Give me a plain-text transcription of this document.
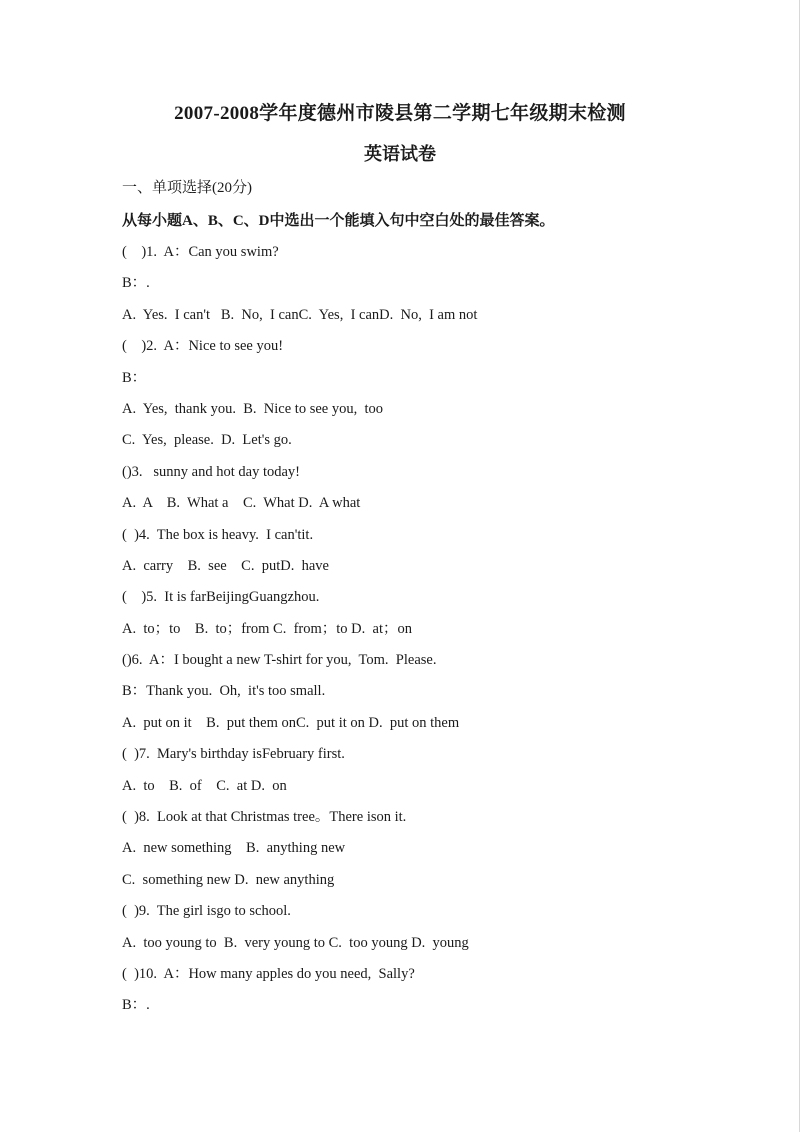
2007-2008学年度德州市陵县第二学期七年级期末检测
英语试卷
一、单项选择(20分)
从每小题A、B、C、D中选出一个能填入句中空白处的最佳答案。
(    )1.  A：Can you swim?
B：.
A.  Yes.  I can't   B.  No,  I canC.  Yes,  I canD.  No,  I am not
(    )2.  A：Nice to see you!
B：
A.  Yes,  thank you.  B.  Nice to see you,  too
C.  Yes,  please.  D.  Let's go.
()3.   sunny and hot day today!
A.  A    B.  What a    C.  What D.  A what
(  )4.  The box is heavy.  I can'tit.
A.  carry    B.  see    C.  putD.  have
(    )5.  It is farBeijingGuangzhou.
A.  to；to    B.  to；from C.  from；to D.  at；on
()6.  A：I bought a new T-shirt for you,  Tom.  Please.
B：Thank you.  Oh,  it's too small.
A.  put on it    B.  put them onC.  put it on D.  put on them
(  )7.  Mary's birthday isFebruary first.
A.  to    B.  of    C.  at D.  on
(  )8.  Look at that Christmas tree。There ison it.
A.  new something    B.  anything new
C.  something new D.  new anything
(  )9.  The girl isgo to school.
A.  too young to  B.  very young to C.  too young D.  young
(  )10.  A：How many apples do you need,  Sally?
B：.
